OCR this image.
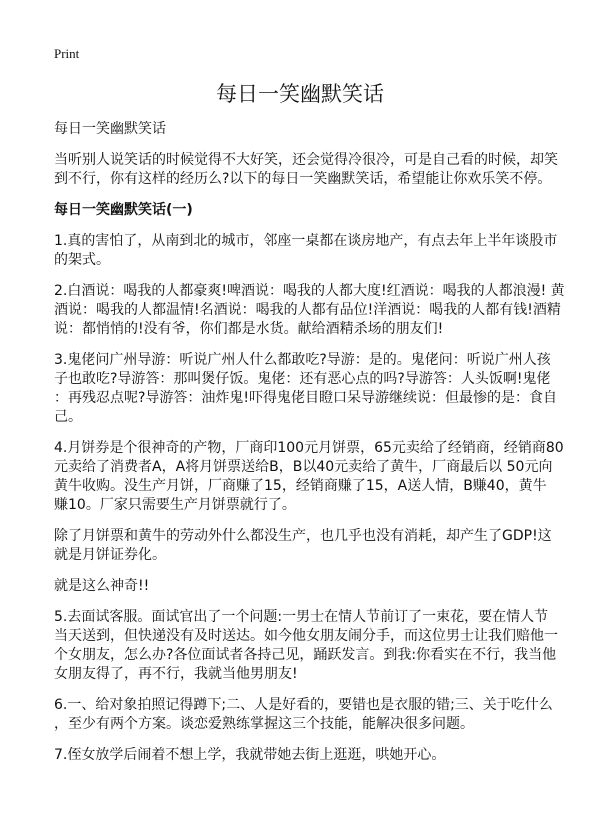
Print
每日一笑幽默笑话
每日一笑幽默笑话
当听别人说笑话的时候觉得不大好笑，还会觉得冷很冷，可是自己看的时候，却笑
到不行，你有这样的经历么?以下的每日一笑幽默笑话，希望能让你欢乐笑不停。
每日一笑幽默笑话(一)
1.真的害怕了，从南到北的城市，邻座一桌都在谈房地产，有点去年上半年谈股市
的架式。
2.白酒说：喝我的人都豪爽!啤酒说：喝我的人都大度!红酒说：喝我的人都浪漫! 黄
酒说：喝我的人都温情!名酒说：喝我的人都有品位!洋酒说：喝我的人都有钱!酒精
说：都悄悄的!没有爷，你们都是水货。献给酒精杀场的朋友们!
3.鬼佬问广州导游：听说广州人什么都敢吃?导游：是的。鬼佬问：听说广州人孩
子也敢吃?导游答：那叫煲仔饭。鬼佬：还有恶心点的吗?导游答：人头饭啊!鬼佬
：再残忍点呢?导游答：油炸鬼!吓得鬼佬目瞪口呆导游继续说：但最惨的是：食自
己。
4.月饼券是个很神奇的产物，厂商印100元月饼票，65元卖给了经销商，经销商80
元卖给了消费者A，A将月饼票送给B，B以40元卖给了黄牛，厂商最后以 50元向
黄牛收购。没生产月饼，厂商赚了15，经销商赚了15，A送人情，B赚40，黄牛
赚10。厂家只需要生产月饼票就行了。
除了月饼票和黄牛的劳动外什么都没生产，也几乎也没有消耗，却产生了GDP!这
就是月饼证券化。
就是这么神奇!!
5.去面试客服。面试官出了一个问题:一男士在情人节前订了一束花，要在情人节
当天送到，但快递没有及时送达。如今他女朋友闹分手，而这位男士让我们赔他一
个女朋友，怎么办?各位面试者各持己见，踊跃发言。到我:你看实在不行，我当他
女朋友得了，再不行，我就当他男朋友!
6.一、给对象拍照记得蹲下;二、人是好看的，要错也是衣服的错;三、关于吃什么
，至少有两个方案。谈恋爱熟练掌握这三个技能，能解决很多问题。
7.侄女放学后闹着不想上学，我就带她去街上逛逛，哄她开心。
